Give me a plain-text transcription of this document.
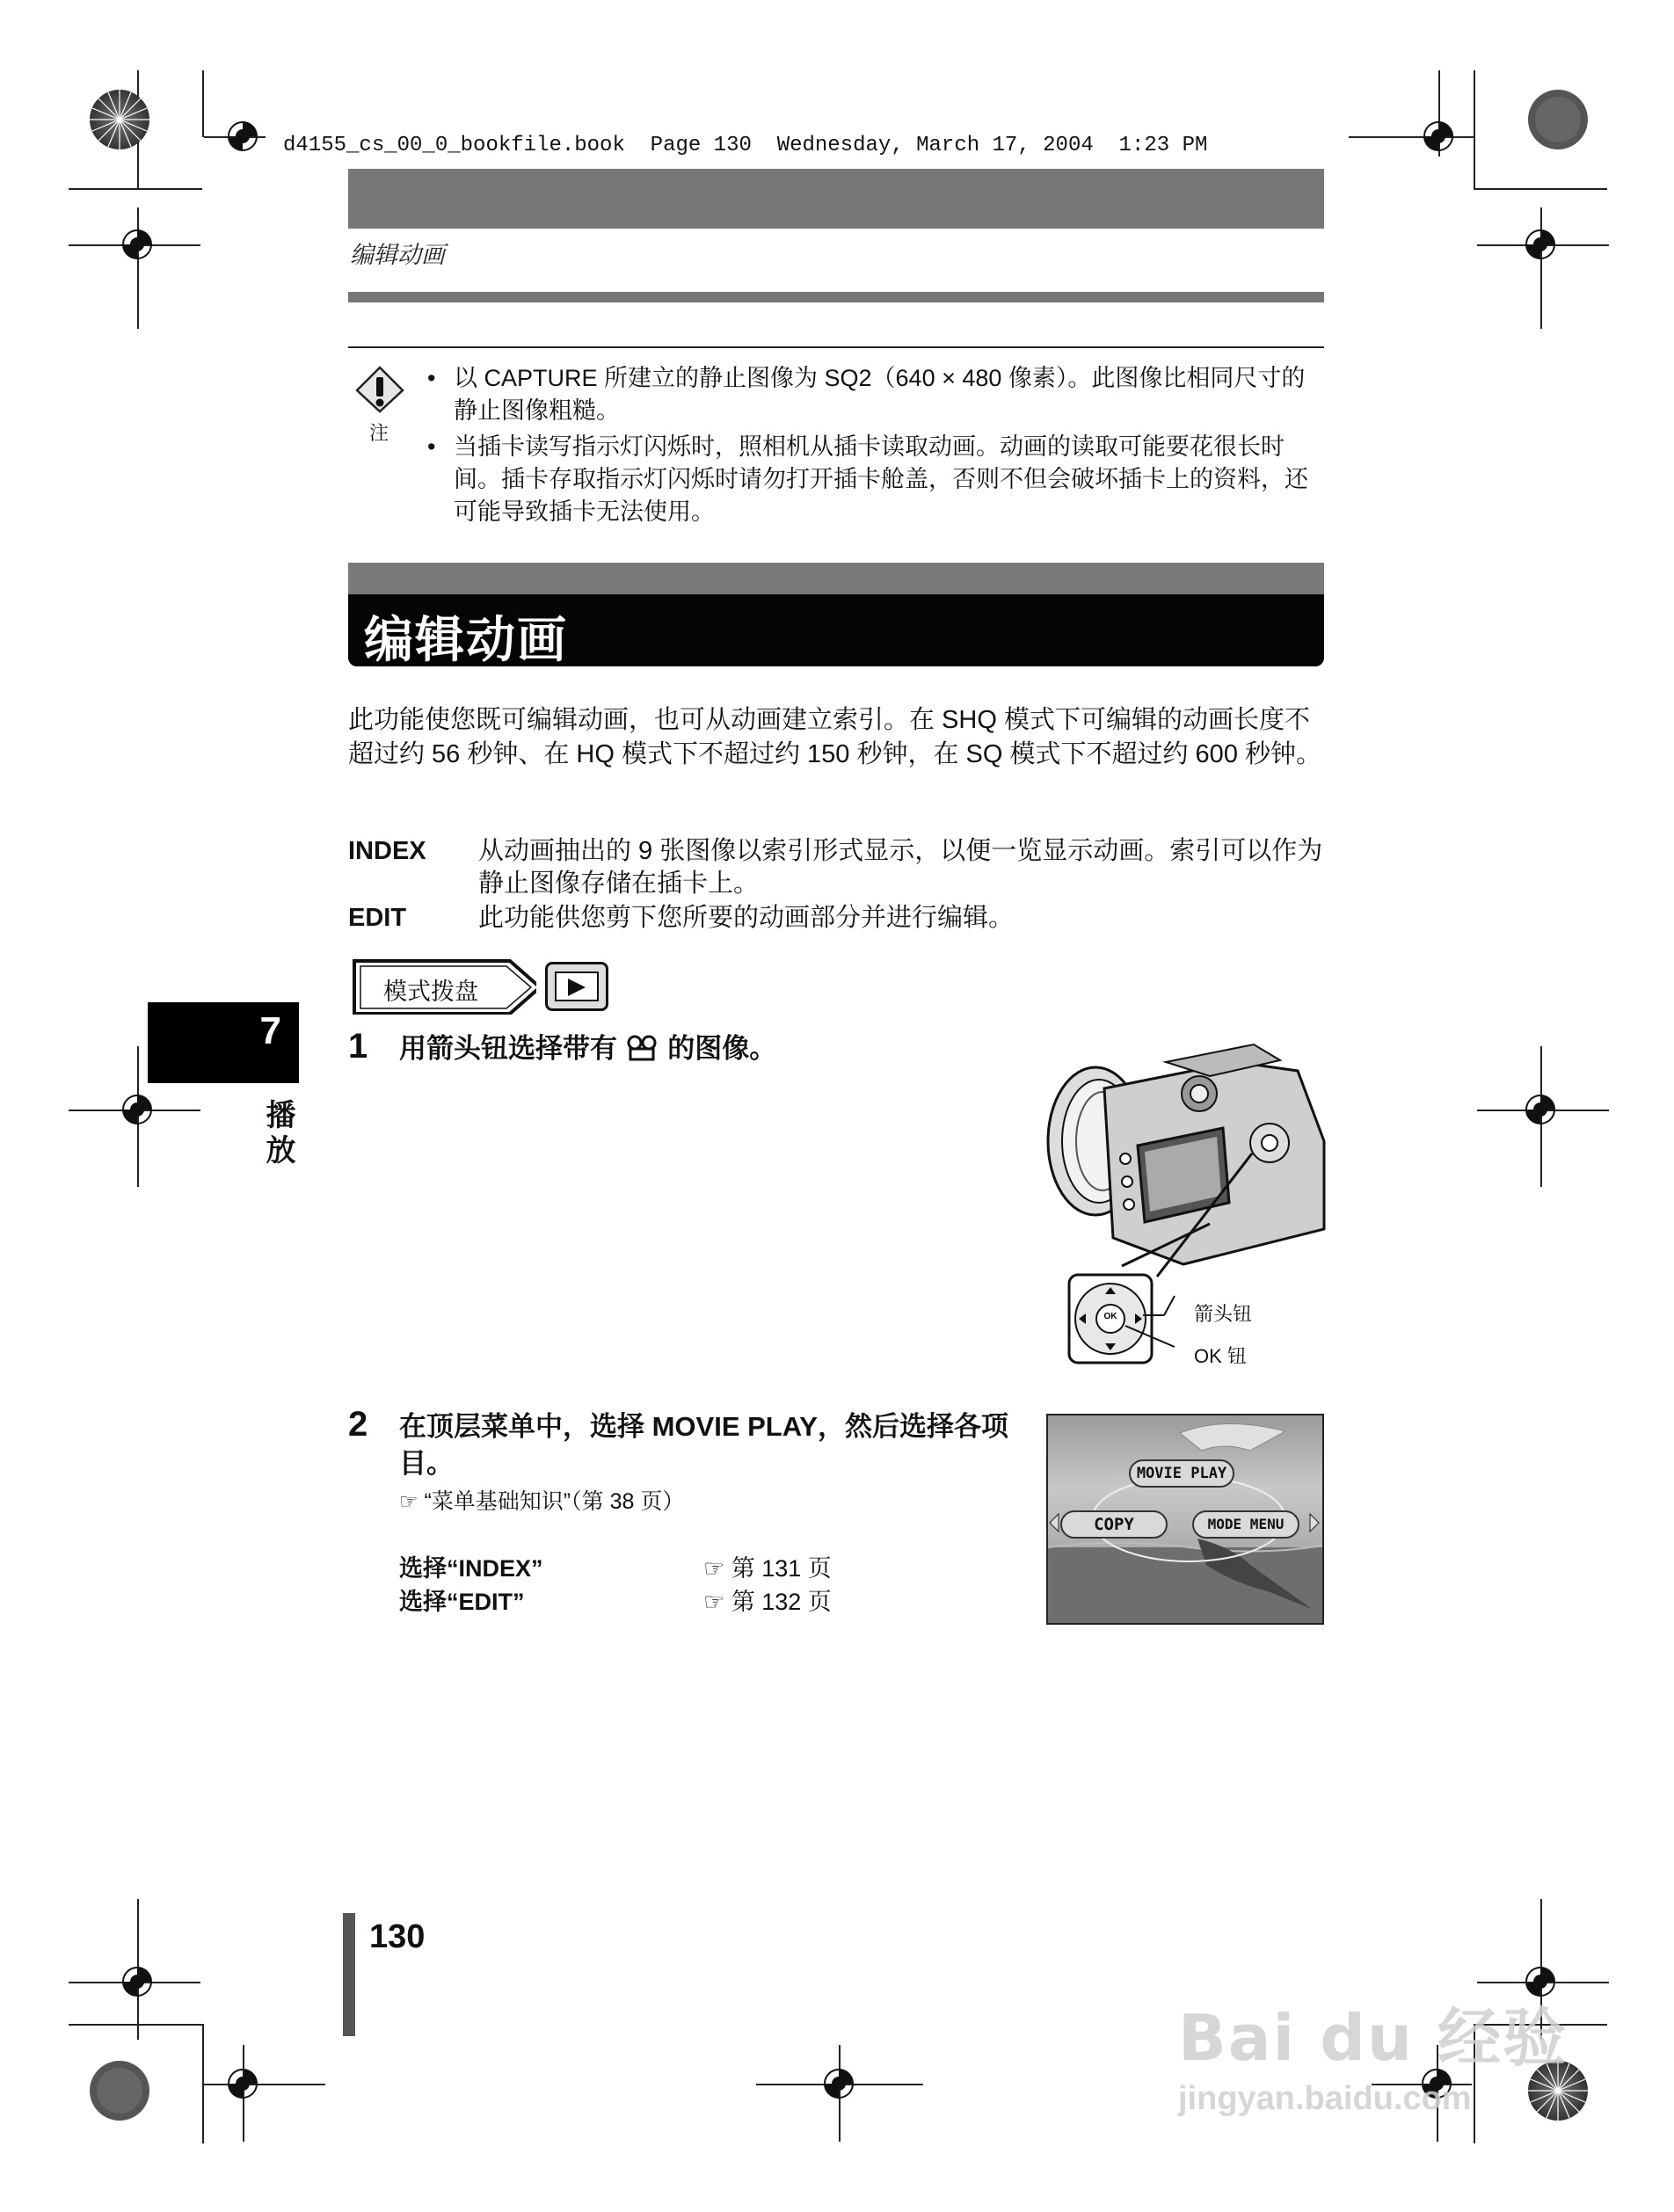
d4155_cs_00_0_bookfile.book  Page 130  Wednesday, March 17, 2004  1:23 PM
编辑动画
注
• 以 CAPTURE 所建立的静止图像为 SQ2（640 × 480 像素）。此图像比相同尺寸的静止图像粗糙。
• 当插卡读写指示灯闪烁时，照相机从插卡读取动画。动画的读取可能要花很长时间。插卡存取指示灯闪烁时请勿打开插卡舱盖，否则不但会破坏插卡上的资料，还可能导致插卡无法使用。
编辑动画
此功能使您既可编辑动画，也可从动画建立索引。在 SHQ 模式下可编辑的动画长度不超过约 56 秒钟、在 HQ 模式下不超过约 150 秒钟，在 SQ 模式下不超过约 600 秒钟。
INDEX 从动画抽出的 9 张图像以索引形式显示，以便一览显示动画。索引可以作为静止图像存储在插卡上。
EDIT	此功能供您剪下您所要的动画部分并进行编辑。
模式拨盘
7
播放
1 用箭头钮选择带有 的图像。
OK	箭头钮
OK 钮
2 在顶层菜单中，选择 MOVIE PLAY，然后选择各项目。
☞ “菜单基础知识”（第 38 页）
选择“INDEX”	☞ 第 131 页
选择“EDIT”	☞ 第 132 页
MOVIE PLAY
COPY	MODE MENU
130
Bai du 经验
jingyan.baidu.com
